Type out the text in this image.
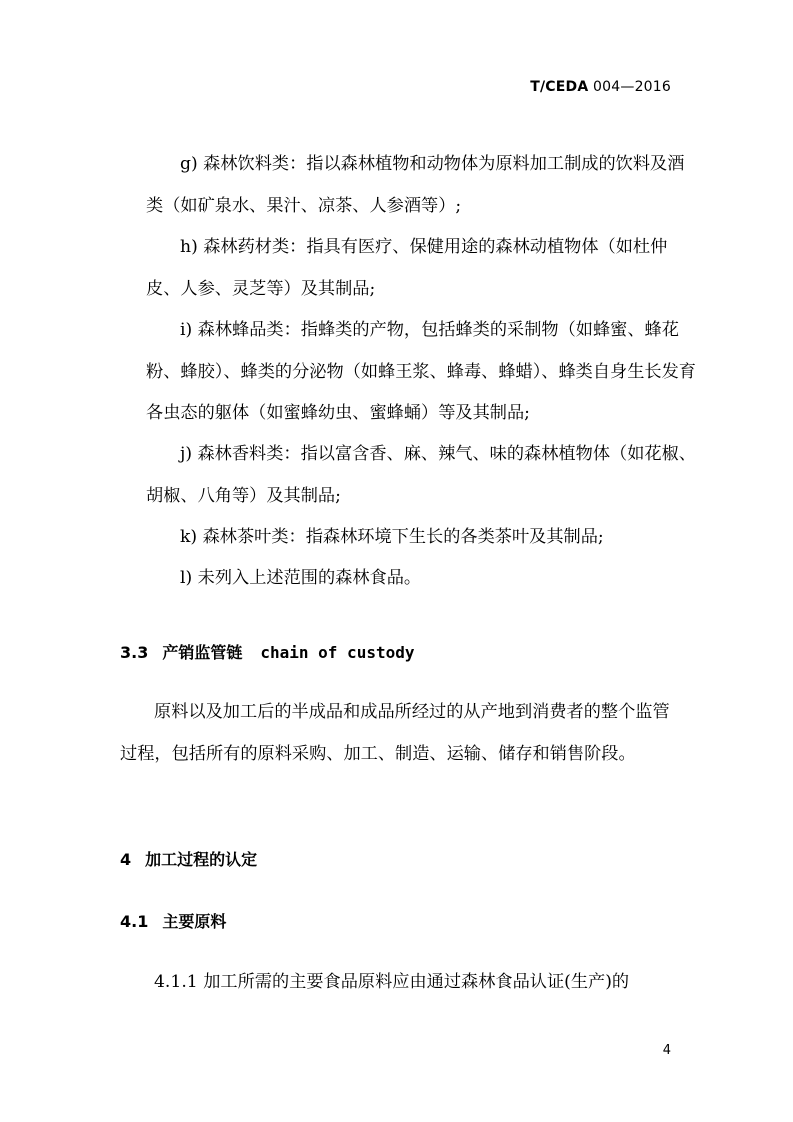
T/CEDA 004—2016
g) 森林饮料类：指以森林植物和动物体为原料加工制成的饮料及酒类（如矿泉水、果汁、凉茶、人参酒等）;
h) 森林药材类：指具有医疗、保健用途的森林动植物体（如杜仲皮、人参、灵芝等）及其制品;
i) 森林蜂品类：指蜂类的产物，包括蜂类的采制物（如蜂蜜、蜂花粉、蜂胶）、蜂类的分泌物（如蜂王浆、蜂毒、蜂蜡）、蜂类自身生长发育各虫态的躯体（如蜜蜂幼虫、蜜蜂蛹）等及其制品;
j) 森林香料类：指以富含香、麻、辣气、味的森林植物体（如花椒、胡椒、八角等）及其制品;
k) 森林茶叶类：指森林环境下生长的各类茶叶及其制品;
l) 未列入上述范围的森林食品。
3.3 产销监管链 chain of custody
原料以及加工后的半成品和成品所经过的从产地到消费者的整个监管过程，包括所有的原料采购、加工、制造、运输、储存和销售阶段。
4 加工过程的认定
4.1 主要原料
4.1.1 加工所需的主要食品原料应由通过森林食品认证(生产)的
4
